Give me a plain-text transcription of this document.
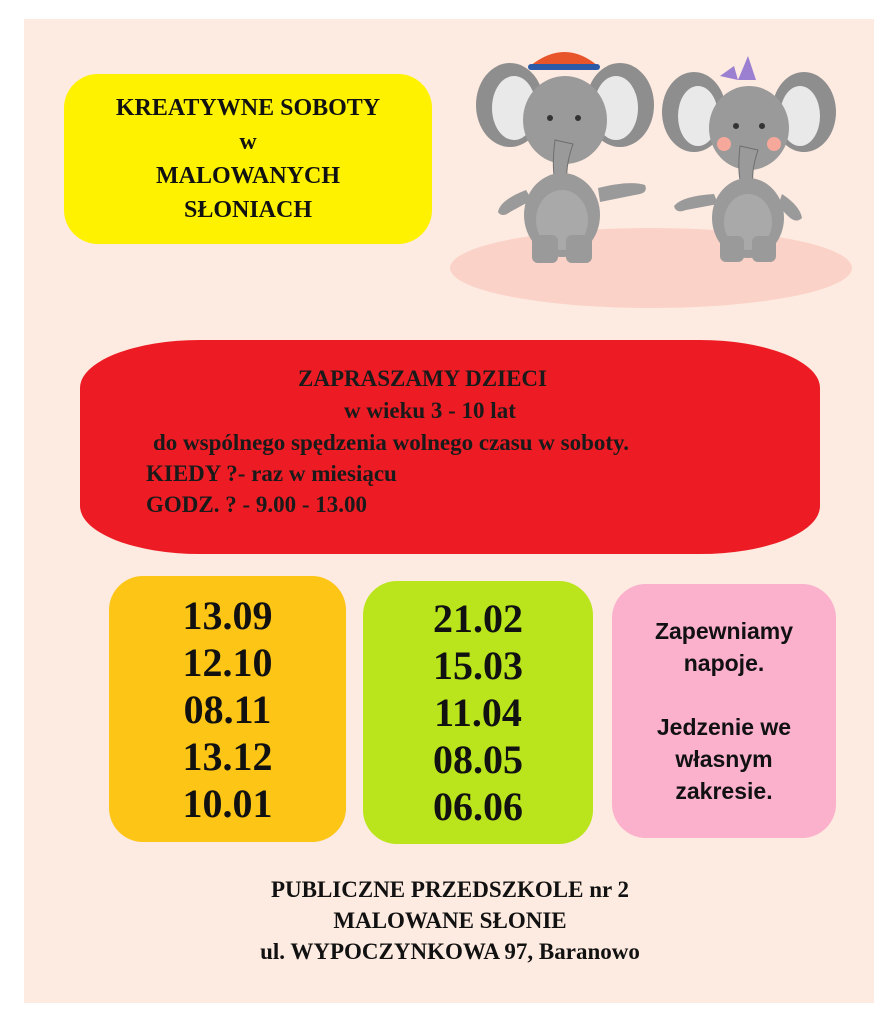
KREATYWNE SOBOTY
w
MALOWANYCH
SŁONIACH
ZAPRASZAMY DZIECI
w wieku 3 - 10 lat
do wspólnego spędzenia wolnego czasu w soboty.
KIEDY ?- raz w miesiącu
GODZ. ? - 9.00 - 13.00
13.09
12.10
08.11
13.12
10.01
21.02
15.03
11.04
08.05
06.06
Zapewniamy
napoje.
Jedzenie we
własnym
zakresie.
PUBLICZNE PRZEDSZKOLE nr 2
MALOWANE SŁONIE
ul. WYPOCZYNKOWA 97, Baranowo
